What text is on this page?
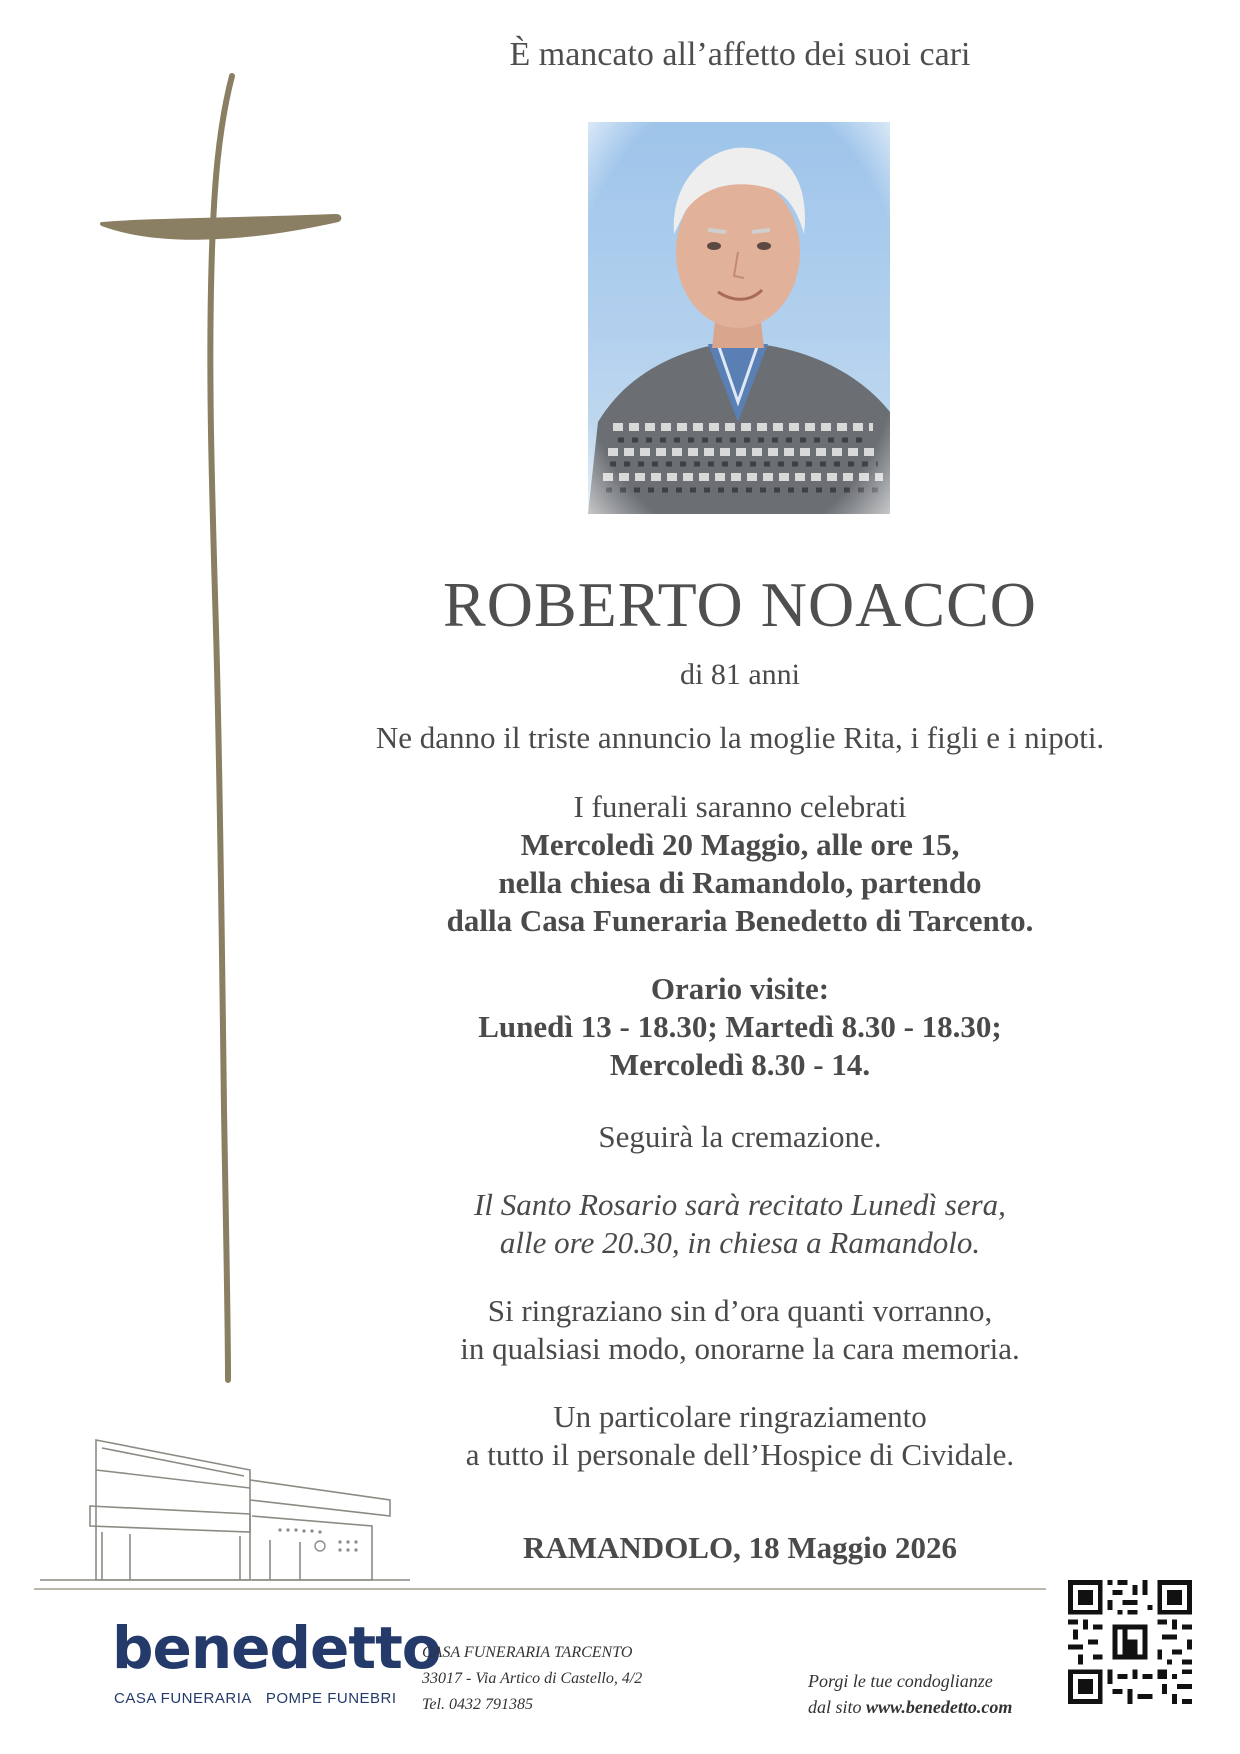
È mancato all’affetto dei suoi cari
ROBERTO NOACCO
di 81 anni
Ne danno il triste annuncio la moglie Rita, i figli e i nipoti.
I funerali saranno celebrati
Mercoledì 20 Maggio, alle ore 15,
nella chiesa di Ramandolo, partendo
dalla Casa Funeraria Benedetto di Tarcento.
Orario visite:
Lunedì 13 - 18.30; Martedì 8.30 - 18.30;
Mercoledì 8.30 - 14.
Seguirà la cremazione.
Il Santo Rosario sarà recitato Lunedì sera,
alle ore 20.30, in chiesa a Ramandolo.
Si ringraziano sin d’ora quanti vorranno,
in qualsiasi modo, onorarne la cara memoria.
Un particolare ringraziamento
a tutto il personale dell’Hospice di Cividale.
RAMANDOLO, 18 Maggio 2026
benedetto
CASA FUNERARIA POMPE FUNEBRI
CASA FUNERARIA TARCENTO
33017 - Via Artico di Castello, 4/2
Tel. 0432 791385
Porgi le tue condoglianze
dal sito www.benedetto.com
